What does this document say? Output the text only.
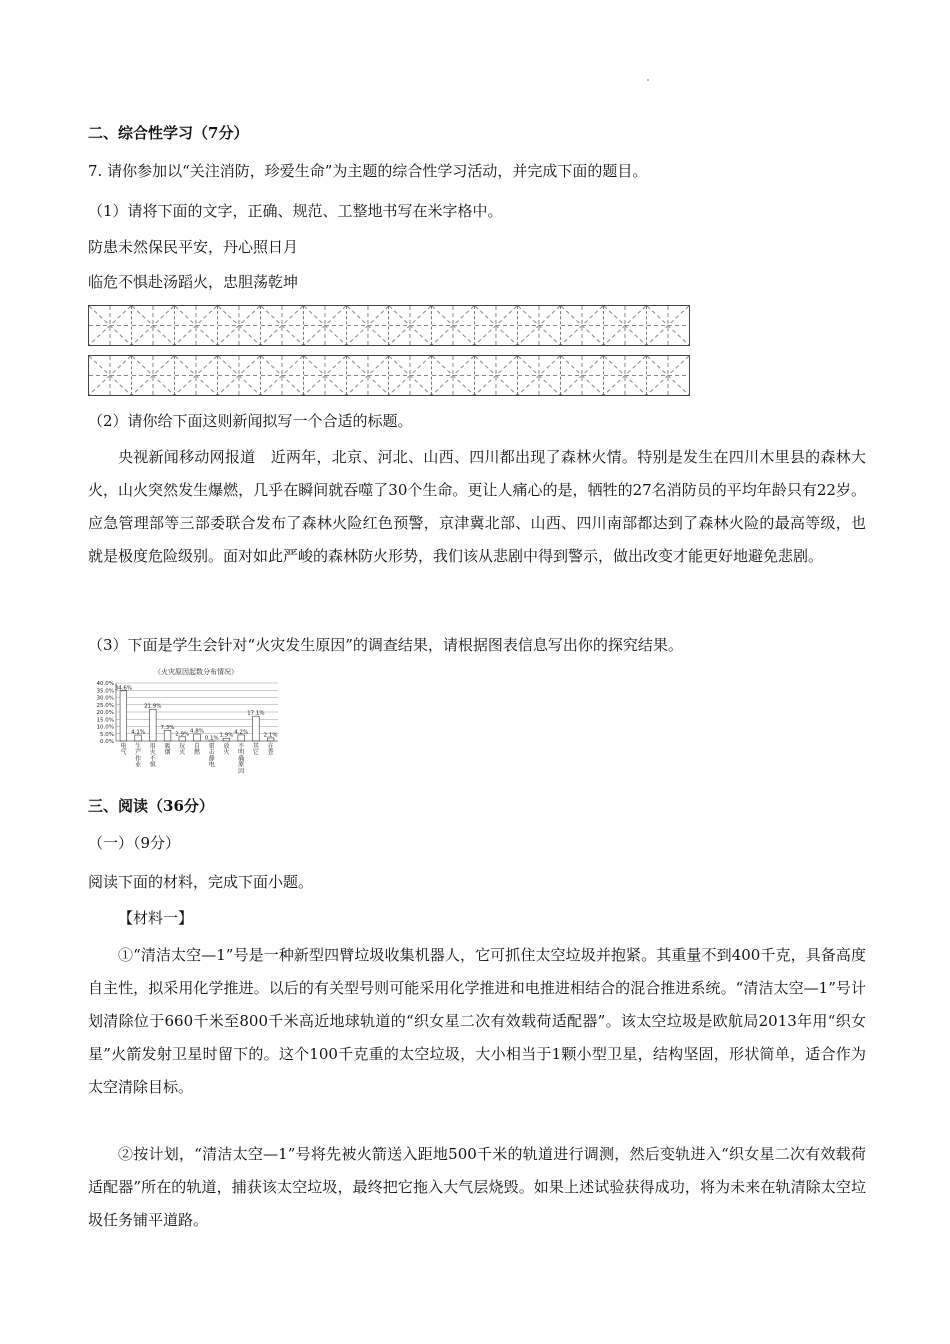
二、综合性学习（7分）
7. 请你参加以“关注消防，珍爱生命”为主题的综合性学习活动，并完成下面的题目。
（1）请将下面的文字，正确、规范、工整地书写在米字格中。
防患未然保民平安，丹心照日月
临危不惧赴汤蹈火，忠胆荡乾坤
（2）请你给下面这则新闻拟写一个合适的标题。
央视新闻移动网报道　近两年，北京、河北、山西、四川都出现了森林火情。特别是发生在四川木里县的森林大火，山火突然发生爆燃，几乎在瞬间就吞噬了30个生命。更让人痛心的是，牺牲的27名消防员的平均年龄只有22岁。应急管理部等三部委联合发布了森林火险红色预警，京津冀北部、山西、四川南部都达到了森林火险的最高等级，也就是极度危险级别。面对如此严峻的森林防火形势，我们该从悲剧中得到警示，做出改变才能更好地避免悲剧。
（3）下面是学生会针对“火灾发生原因”的调查结果，请根据图表信息写出你的探究结果。
（火灾原因起数分布情况）
0.0%
5.0%
10.0%
15.0%
20.0%
25.0%
30.0%
35.0%
40.0%
34.6%
4.1%
21.9%
7.3%
2.9% 4.8%
0.1% 1.9%
4.2%
17.1%
2.1%
电气
生产作业
用火不慎
吸烟
玩火
自燃
雷击静电
放火
不明确原因
其它
在查
三、阅读（36分）
（一）（9分）
阅读下面的材料，完成下面小题。
【材料一】
①“清洁太空—1”号是一种新型四臂垃圾收集机器人，它可抓住太空垃圾并抱紧。其重量不到400千克，具备高度自主性，拟采用化学推进。以后的有关型号则可能采用化学推进和电推进相结合的混合推进系统。“清洁太空—1”号计划清除位于660千米至800千米高近地球轨道的“织女星二次有效载荷适配器”。该太空垃圾是欧航局2013年用“织女星”火箭发射卫星时留下的。这个100千克重的太空垃圾，大小相当于1颗小型卫星，结构坚固，形状简单，适合作为太空清除目标。
②按计划，“清洁太空—1”号将先被火箭送入距地500千米的轨道进行调测，然后变轨进入“织女星二次有效载荷适配器”所在的轨道，捕获该太空垃圾，最终把它拖入大气层烧毁。如果上述试验获得成功，将为未来在轨清除太空垃圾任务铺平道路。
